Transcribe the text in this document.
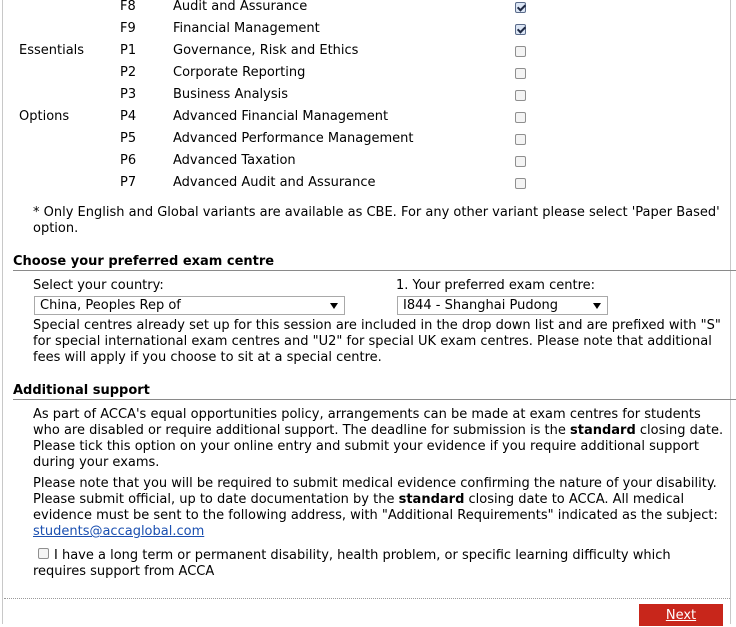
F8	Audit and Assurance
F9	Financial Management
Essentials	P1	Governance, Risk and Ethics
P2	Corporate Reporting
P3	Business Analysis
Options	P4	Advanced Financial Management
P5	Advanced Performance Management
P6	Advanced Taxation
P7	Advanced Audit and Assurance
* Only English and Global variants are available as CBE. For any other variant please select 'Paper Based' option.
Choose your preferred exam centre
Select your country:
China, Peoples Rep of
1. Your preferred exam centre:
I844 - Shanghai Pudong
Special centres already set up for this session are included in the drop down list and are prefixed with "S" for special international exam centres and "U2" for special UK exam centres. Please note that additional fees will apply if you choose to sit at a special centre.
Additional support
As part of ACCA's equal opportunities policy, arrangements can be made at exam centres for students who are disabled or require additional support. The deadline for submission is the standard closing date. Please tick this option on your online entry and submit your evidence if you require additional support during your exams.
Please note that you will be required to submit medical evidence confirming the nature of your disability. Please submit official, up to date documentation by the standard closing date to ACCA. All medical evidence must be sent to the following address, with "Additional Requirements" indicated as the subject:
students@accaglobal.com
I have a long term or permanent disability, health problem, or specific learning difficulty which requires support from ACCA
Next
